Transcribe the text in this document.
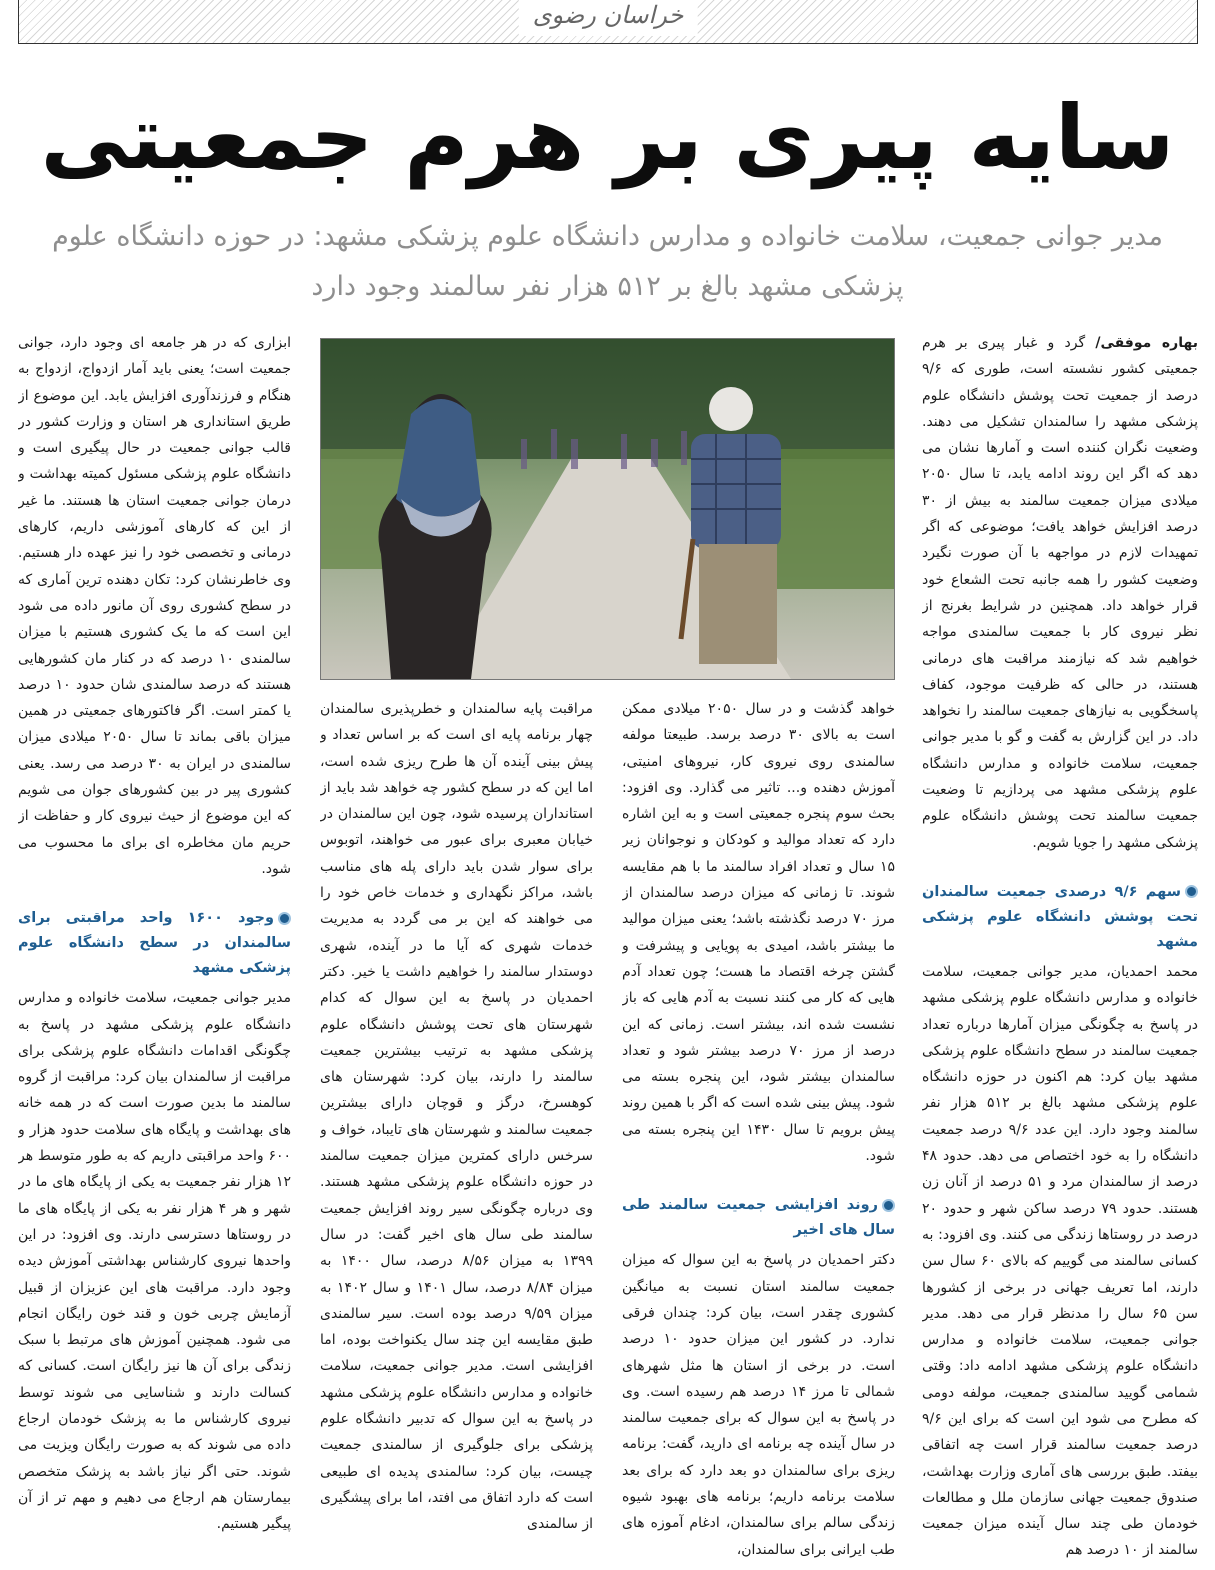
خراسان رضوی
سایه پیری بر هرم جمعیتی

مدیر جوانی جمعیت، سلامت خانواده و مدارس دانشگاه علوم پزشکی مشهد: در حوزه دانشگاه علوم پزشکی مشهد بالغ بر ۵۱۲ هزار نفر سالمند وجود دارد

بهاره موفقی/ گرد و غبار پیری بر هرم جمعیتی کشور نشسته است، طوری که ۹/۶ درصد از جمعیت تحت پوشش دانشگاه علوم پزشکی مشهد را سالمندان تشکیل می دهند. وضعیت نگران کننده است و آمارها نشان می دهد که اگر این روند ادامه یابد، تا سال ۲۰۵۰ میلادی میزان جمعیت سالمند به بیش از ۳۰ درصد افزایش خواهد یافت؛ موضوعی که اگر تمهیدات لازم در مواجهه با آن صورت نگیرد وضعیت کشور را همه جانبه تحت الشعاع خود قرار خواهد داد. همچنین در شرایط بغرنج از نظر نیروی کار با جمعیت سالمندی مواجه خواهیم شد که نیازمند مراقبت های درمانی هستند، در حالی که ظرفیت موجود، کفاف پاسخگویی به نیازهای جمعیت سالمند را نخواهد داد. در این گزارش به گفت و گو با مدیر جوانی جمعیت، سلامت خانواده و مدارس دانشگاه علوم پزشکی مشهد می پردازیم تا وضعیت جمعیت سالمند تحت پوشش دانشگاه علوم پزشکی مشهد را جویا شویم.

سهم ۹/۶ درصدی جمعیت سالمندان تحت پوشش دانشگاه علوم پزشکی مشهد

محمد احمدیان، مدیر جوانی جمعیت، سلامت خانواده و مدارس دانشگاه علوم پزشکی مشهد در پاسخ به چگونگی میزان آمارها درباره تعداد جمعیت سالمند در سطح دانشگاه علوم پزشکی مشهد بیان کرد: هم اکنون در حوزه دانشگاه علوم پزشکی مشهد بالغ بر ۵۱۲ هزار نفر سالمند وجود دارد. این عدد ۹/۶ درصد جمعیت دانشگاه را به خود اختصاص می دهد. حدود ۴۸ درصد از سالمندان مرد و ۵۱ درصد از آنان زن هستند. حدود ۷۹ درصد ساکن شهر و حدود ۲۰ درصد در روستاها زندگی می کنند. وی افزود: به کسانی سالمند می گوییم که بالای ۶۰ سال سن دارند، اما تعریف جهانی در برخی از کشورها سن ۶۵ سال را مدنظر قرار می دهد. مدیر جوانی جمعیت، سلامت خانواده و مدارس دانشگاه علوم پزشکی مشهد ادامه داد: وقتی شمامی گویید سالمندی جمعیت، مولفه دومی که مطرح می شود این است که برای این ۹/۶ درصد جمعیت سالمند قرار است چه اتفاقی بیفتد. طبق بررسی های آماری وزارت بهداشت، صندوق جمعیت جهانی سازمان ملل و مطالعات خودمان طی چند سال آینده میزان جمعیت سالمند از ۱۰ درصد هم

خواهد گذشت و در سال ۲۰۵۰ میلادی ممکن است به بالای ۳۰ درصد برسد. طبیعتا مولفه سالمندی روی نیروی کار، نیروهای امنیتی، آموزش دهنده و... تاثیر می گذارد. وی افزود: بحث سوم پنجره جمعیتی است و به این اشاره دارد که تعداد موالید و کودکان و نوجوانان زیر ۱۵ سال و تعداد افراد سالمند ما با هم مقایسه شوند. تا زمانی که میزان درصد سالمندان از مرز ۷۰ درصد نگذشته باشد؛ یعنی میزان موالید ما بیشتر باشد، امیدی به پویایی و پیشرفت و گشتن چرخه اقتصاد ما هست؛ چون تعداد آدم هایی که کار می کنند نسبت به آدم هایی که باز نشست شده اند، بیشتر است. زمانی که این درصد از مرز ۷۰ درصد بیشتر شود و تعداد سالمندان بیشتر شود، این پنجره بسته می شود. پیش بینی شده است که اگر با همین روند پیش برویم تا سال ۱۴۳۰ این پنجره بسته می شود.

روند افزایشی جمعیت سالمند طی سال های اخیر

دکتر احمدیان در پاسخ به این سوال که میزان جمعیت سالمند استان نسبت به میانگین کشوری چقدر است، بیان کرد: چندان فرقی ندارد. در کشور این میزان حدود ۱۰ درصد است. در برخی از استان ها مثل شهرهای شمالی تا مرز ۱۴ درصد هم رسیده است. وی در پاسخ به این سوال که برای جمعیت سالمند در سال آینده چه برنامه ای دارید، گفت: برنامه ریزی برای سالمندان دو بعد دارد که برای بعد سلامت برنامه داریم؛ برنامه های بهبود شیوه زندگی سالم برای سالمندان، ادغام آموزه های طب ایرانی برای سالمندان،

مراقبت پایه سالمندان و خطرپذیری سالمندان چهار برنامه پایه ای است که بر اساس تعداد و پیش بینی آینده آن ها طرح ریزی شده است، اما این که در سطح کشور چه خواهد شد باید از استانداران پرسیده شود، چون این سالمندان در خیابان معبری برای عبور می خواهند، اتوبوس برای سوار شدن باید دارای پله های مناسب باشد، مراکز نگهداری و خدمات خاص خود را می خواهند که این بر می گردد به مدیریت خدمات شهری که آیا ما در آینده، شهری دوستدار سالمند را خواهیم داشت یا خیر. دکتر احمدیان در پاسخ به این سوال که کدام شهرستان های تحت پوشش دانشگاه علوم پزشکی مشهد به ترتیب بیشترین جمعیت سالمند را دارند، بیان کرد: شهرستان های کوهسرخ، درگز و قوچان دارای بیشترین جمعیت سالمند و شهرستان های تایباد، خواف و سرخس دارای کمترین میزان جمعیت سالمند در حوزه دانشگاه علوم پزشکی مشهد هستند. وی درباره چگونگی سیر روند افزایش جمعیت سالمند طی سال های اخیر گفت: در سال ۱۳۹۹ به میزان ۸/۵۶ درصد، سال ۱۴۰۰ به میزان ۸/۸۴ درصد، سال ۱۴۰۱ و سال ۱۴۰۲ به میزان ۹/۵۹ درصد بوده است. سیر سالمندی طبق مقایسه این چند سال یکنواخت بوده، اما افزایشی است. مدیر جوانی جمعیت، سلامت خانواده و مدارس دانشگاه علوم پزشکی مشهد در پاسخ به این سوال که تدبیر دانشگاه علوم پزشکی برای جلوگیری از سالمندی جمعیت چیست، بیان کرد: سالمندی پدیده ای طبیعی است که دارد اتفاق می افتد، اما برای پیشگیری از سالمندی

ابزاری که در هر جامعه ای وجود دارد، جوانی جمعیت است؛ یعنی باید آمار ازدواج، ازدواج به هنگام و فرزندآوری افزایش یابد. این موضوع از طریق استانداری هر استان و وزارت کشور در قالب جوانی جمعیت در حال پیگیری است و دانشگاه علوم پزشکی مسئول کمیته بهداشت و درمان جوانی جمعیت استان ها هستند. ما غیر از این که کارهای آموزشی داریم، کارهای درمانی و تخصصی خود را نیز عهده دار هستیم. وی خاطرنشان کرد: تکان دهنده ترین آماری که در سطح کشوری روی آن مانور داده می شود این است که ما یک کشوری هستیم با میزان سالمندی ۱۰ درصد که در کنار مان کشورهایی هستند که درصد سالمندی شان حدود ۱۰ درصد یا کمتر است. اگر فاکتورهای جمعیتی در همین میزان باقی بماند تا سال ۲۰۵۰ میلادی میزان سالمندی در ایران به ۳۰ درصد می رسد. یعنی کشوری پیر در بین کشورهای جوان می شویم که این موضوع از حیث نیروی کار و حفاظت از حریم مان مخاطره ای برای ما محسوب می شود.

وجود ۱۶۰۰ واحد مراقبتی برای سالمندان در سطح دانشگاه علوم پزشکی مشهد

مدیر جوانی جمعیت، سلامت خانواده و مدارس دانشگاه علوم پزشکی مشهد در پاسخ به چگونگی اقدامات دانشگاه علوم پزشکی برای مراقبت از سالمندان بیان کرد: مراقبت از گروه سالمند ما بدین صورت است که در همه خانه های بهداشت و پایگاه های سلامت حدود هزار و ۶۰۰ واحد مراقبتی داریم که به طور متوسط هر ۱۲ هزار نفر جمعیت به یکی از پایگاه های ما در شهر و هر ۴ هزار نفر به یکی از پایگاه های ما در روستاها دسترسی دارند. وی افزود: در این واحدها نیروی کارشناس بهداشتی آموزش دیده وجود دارد. مراقبت های این عزیزان از قبیل آزمایش چربی خون و قند خون رایگان انجام می شود. همچنین آموزش های مرتبط با سبک زندگی برای آن ها نیز رایگان است. کسانی که کسالت دارند و شناسایی می شوند توسط نیروی کارشناس ما به پزشک خودمان ارجاع داده می شوند که به صورت رایگان ویزیت می شوند. حتی اگر نیاز باشد به پزشک متخصص بیمارستان هم ارجاع می دهیم و مهم تر از آن پیگیر هستیم.
